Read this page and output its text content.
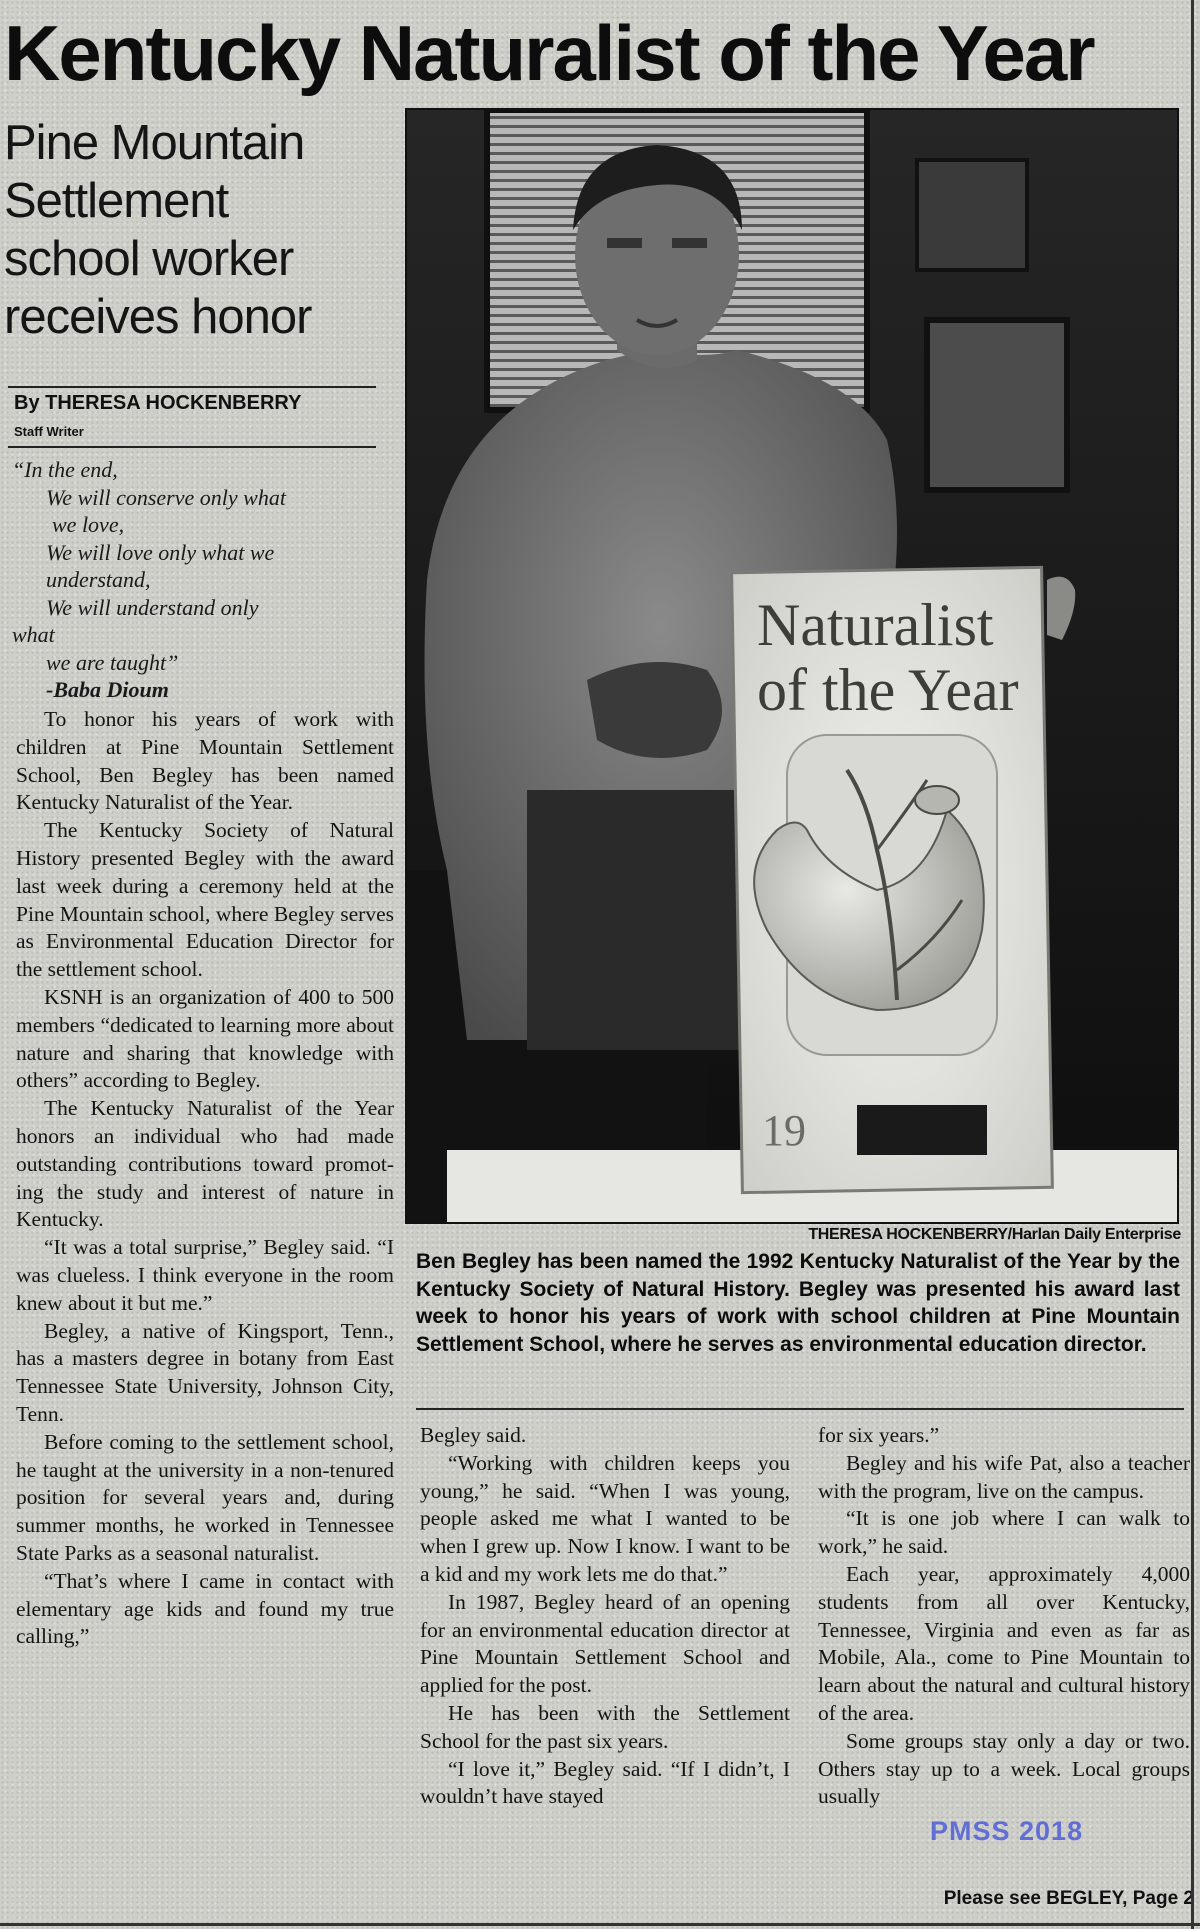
Kentucky Naturalist of the Year
Pine Mountain
Settlement
school worker
receives honor
By THERESA HOCKENBERRY
Staff Writer
“In the end,
We will conserve only what
we love,
We will love only what we
understand,
We will understand only
what
we are taught”
-Baba Dioum

To honor his years of work with children at Pine Mountain Settlement School, Ben Begley has been named Kentucky Naturalist of the Year.

The Kentucky Society of Natural History presented Begley with the award last week during a ceremony held at the Pine Mountain school, where Begley serves as Environmental Education Director for the settlement school.

KSNH is an organization of 400 to 500 members “dedicated to learning more about nature and sharing that knowledge with others” according to Begley.

The Kentucky Naturalist of the Year honors an individual who had made outstanding contributions toward promoting the study and interest of nature in Kentucky.

“It was a total surprise,” Begley said. “I was clueless. I think everyone in the room knew about it but me.”

Begley, a native of Kingsport, Tenn., has a masters degree in botany from East Tennessee State University, Johnson City, Tenn.

Before coming to the settlement school, he taught at the university in a non-tenured position for several years and, during summer months, he worked in Tennessee State Parks as a seasonal naturalist.

“That’s where I came in contact with elementary age kids and found my true calling,”

Naturalist
of the Year
19
THERESA HOCKENBERRY/Harlan Daily Enterprise
Ben Begley has been named the 1992 Kentucky Naturalist of the Year by the Kentucky Society of Natural History. Begley was presented his award last week to honor his years of work with school children at Pine Mountain Settlement School, where he serves as environmental education director.

Begley said.

“Working with children keeps you young,” he said. “When I was young, people asked me what I wanted to be when I grew up. Now I know. I want to be a kid and my work lets me do that.”

In 1987, Begley heard of an opening for an environmental education director at Pine Mountain Settlement School and applied for the post.

He has been with the Settlement School for the past six years.

“I love it,” Begley said. “If I didn’t, I wouldn’t have stayed

for six years.”

Begley and his wife Pat, also a teacher with the program, live on the campus.

“It is one job where I can walk to work,” he said.

Each year, approximately 4,000 students from all over Kentucky, Tennessee, Virginia and even as far as Mobile, Ala., come to Pine Mountain to learn about the natural and cultural history of the area.

Some groups stay only a day or two. Others stay up to a week. Local groups usually

PMSS 2018
Please see BEGLEY, Page 2
